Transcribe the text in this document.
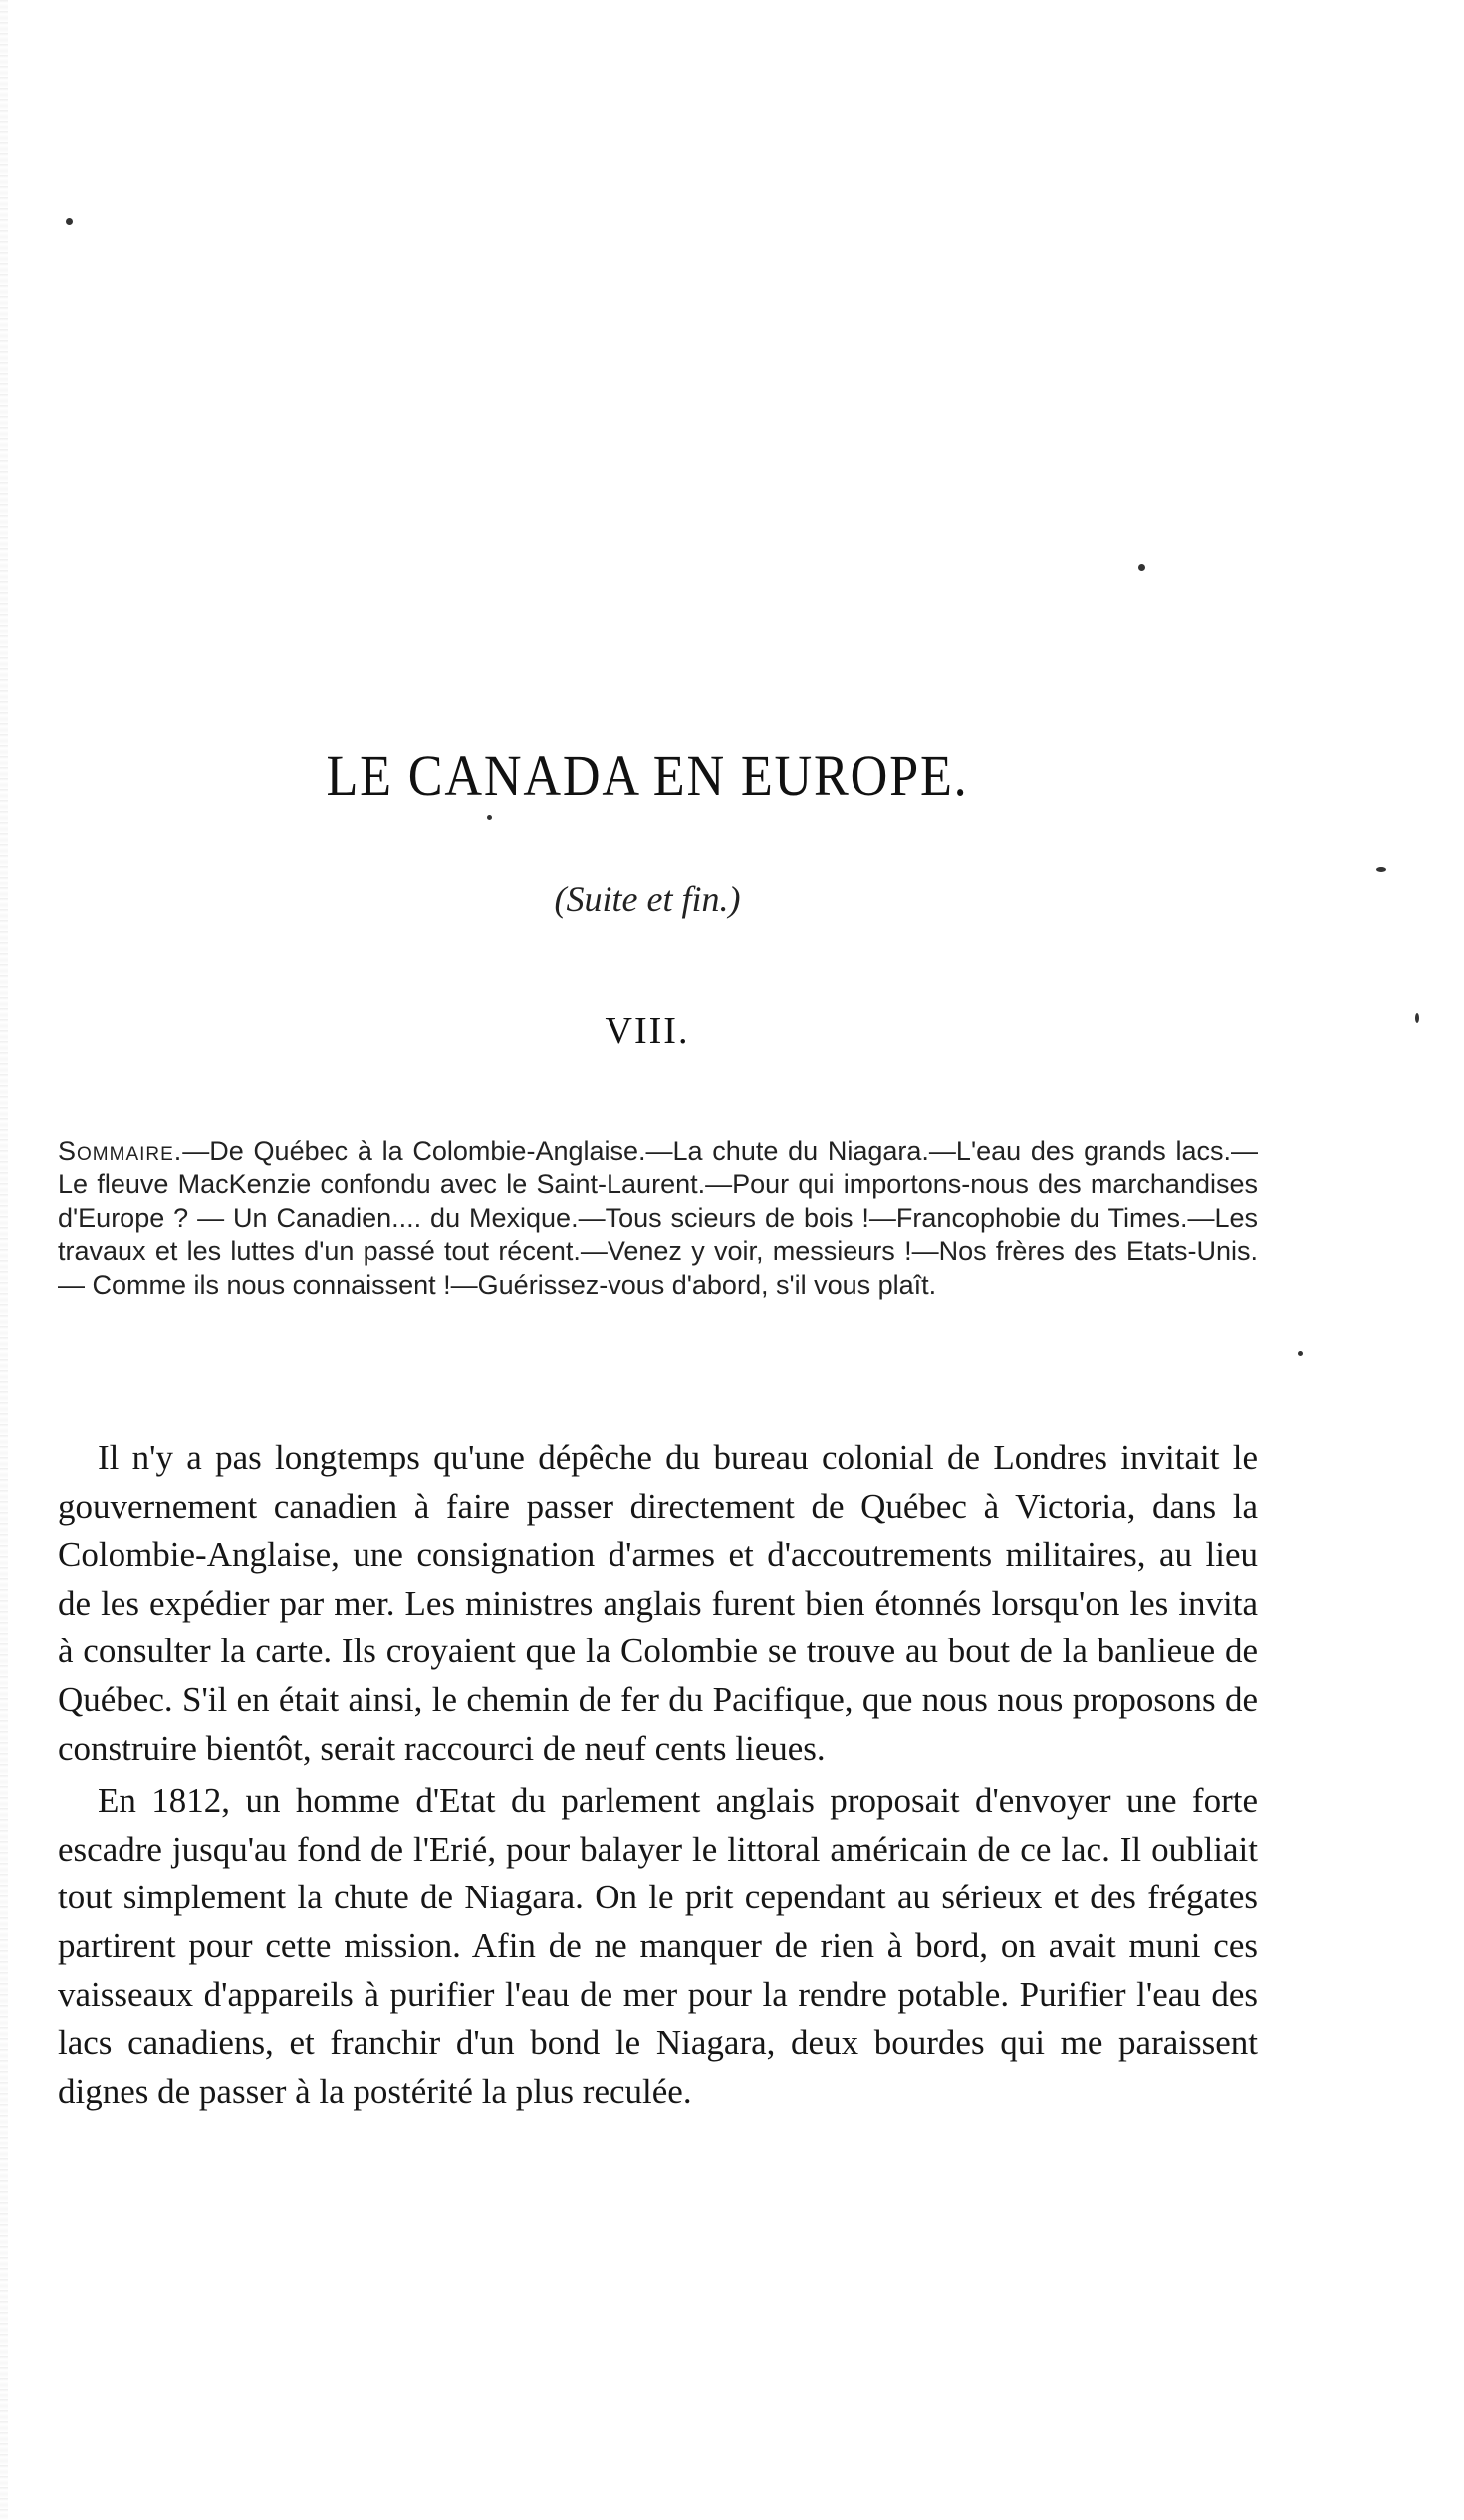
LE CANADA EN EUROPE.
(Suite et fin.)
VIII.
Sommaire.—De Québec à la Colombie-Anglaise.—La chute du Niagara.—L'eau des grands lacs.—Le fleuve MacKenzie confondu avec le Saint-Laurent.—Pour qui importons-nous des marchandises d'Europe ? — Un Canadien.... du Mexique.—Tous scieurs de bois !—Francophobie du Times.—Les travaux et les luttes d'un passé tout récent.—Venez y voir, messieurs !—Nos frères des Etats-Unis.— Comme ils nous connaissent !—Guérissez-vous d'abord, s'il vous plaît.

Il n'y a pas longtemps qu'une dépêche du bureau colonial de Londres invitait le gouvernement canadien à faire passer directement de Québec à Victoria, dans la Colombie-Anglaise, une consignation d'armes et d'accoutrements militaires, au lieu de les expédier par mer. Les ministres anglais furent bien étonnés lorsqu'on les invita à consulter la carte. Ils croyaient que la Colombie se trouve au bout de la banlieue de Québec. S'il en était ainsi, le chemin de fer du Pacifique, que nous nous proposons de construire bientôt, serait raccourci de neuf cents lieues.

En 1812, un homme d'Etat du parlement anglais proposait d'envoyer une forte escadre jusqu'au fond de l'Erié, pour balayer le littoral américain de ce lac. Il oubliait tout simplement la chute de Niagara. On le prit cependant au sérieux et des frégates partirent pour cette mission. Afin de ne manquer de rien à bord, on avait muni ces vaisseaux d'appareils à purifier l'eau de mer pour la rendre potable. Purifier l'eau des lacs canadiens, et franchir d'un bond le Niagara, deux bourdes qui me paraissent dignes de passer à la postérité la plus reculée.
